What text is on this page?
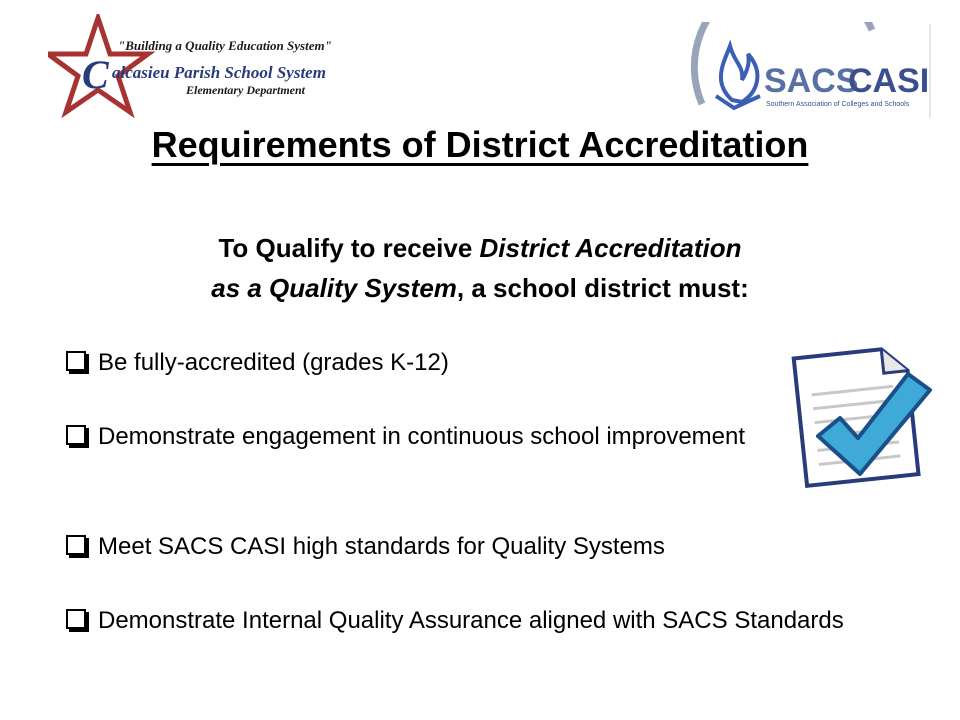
"Building a Quality Education System"
C alcasieu Parish School System
Elementary Department	SACS
CASI
Southern Association of Colleges and Schools
Requirements of District Accreditation
To Qualify to receive District Accreditation
as a Quality System, a school district must:
Be fully-accredited (grades K-12)
Demonstrate engagement in continuous school improvement
Meet SACS CASI high standards for Quality Systems
Demonstrate Internal Quality Assurance aligned with SACS Standards
